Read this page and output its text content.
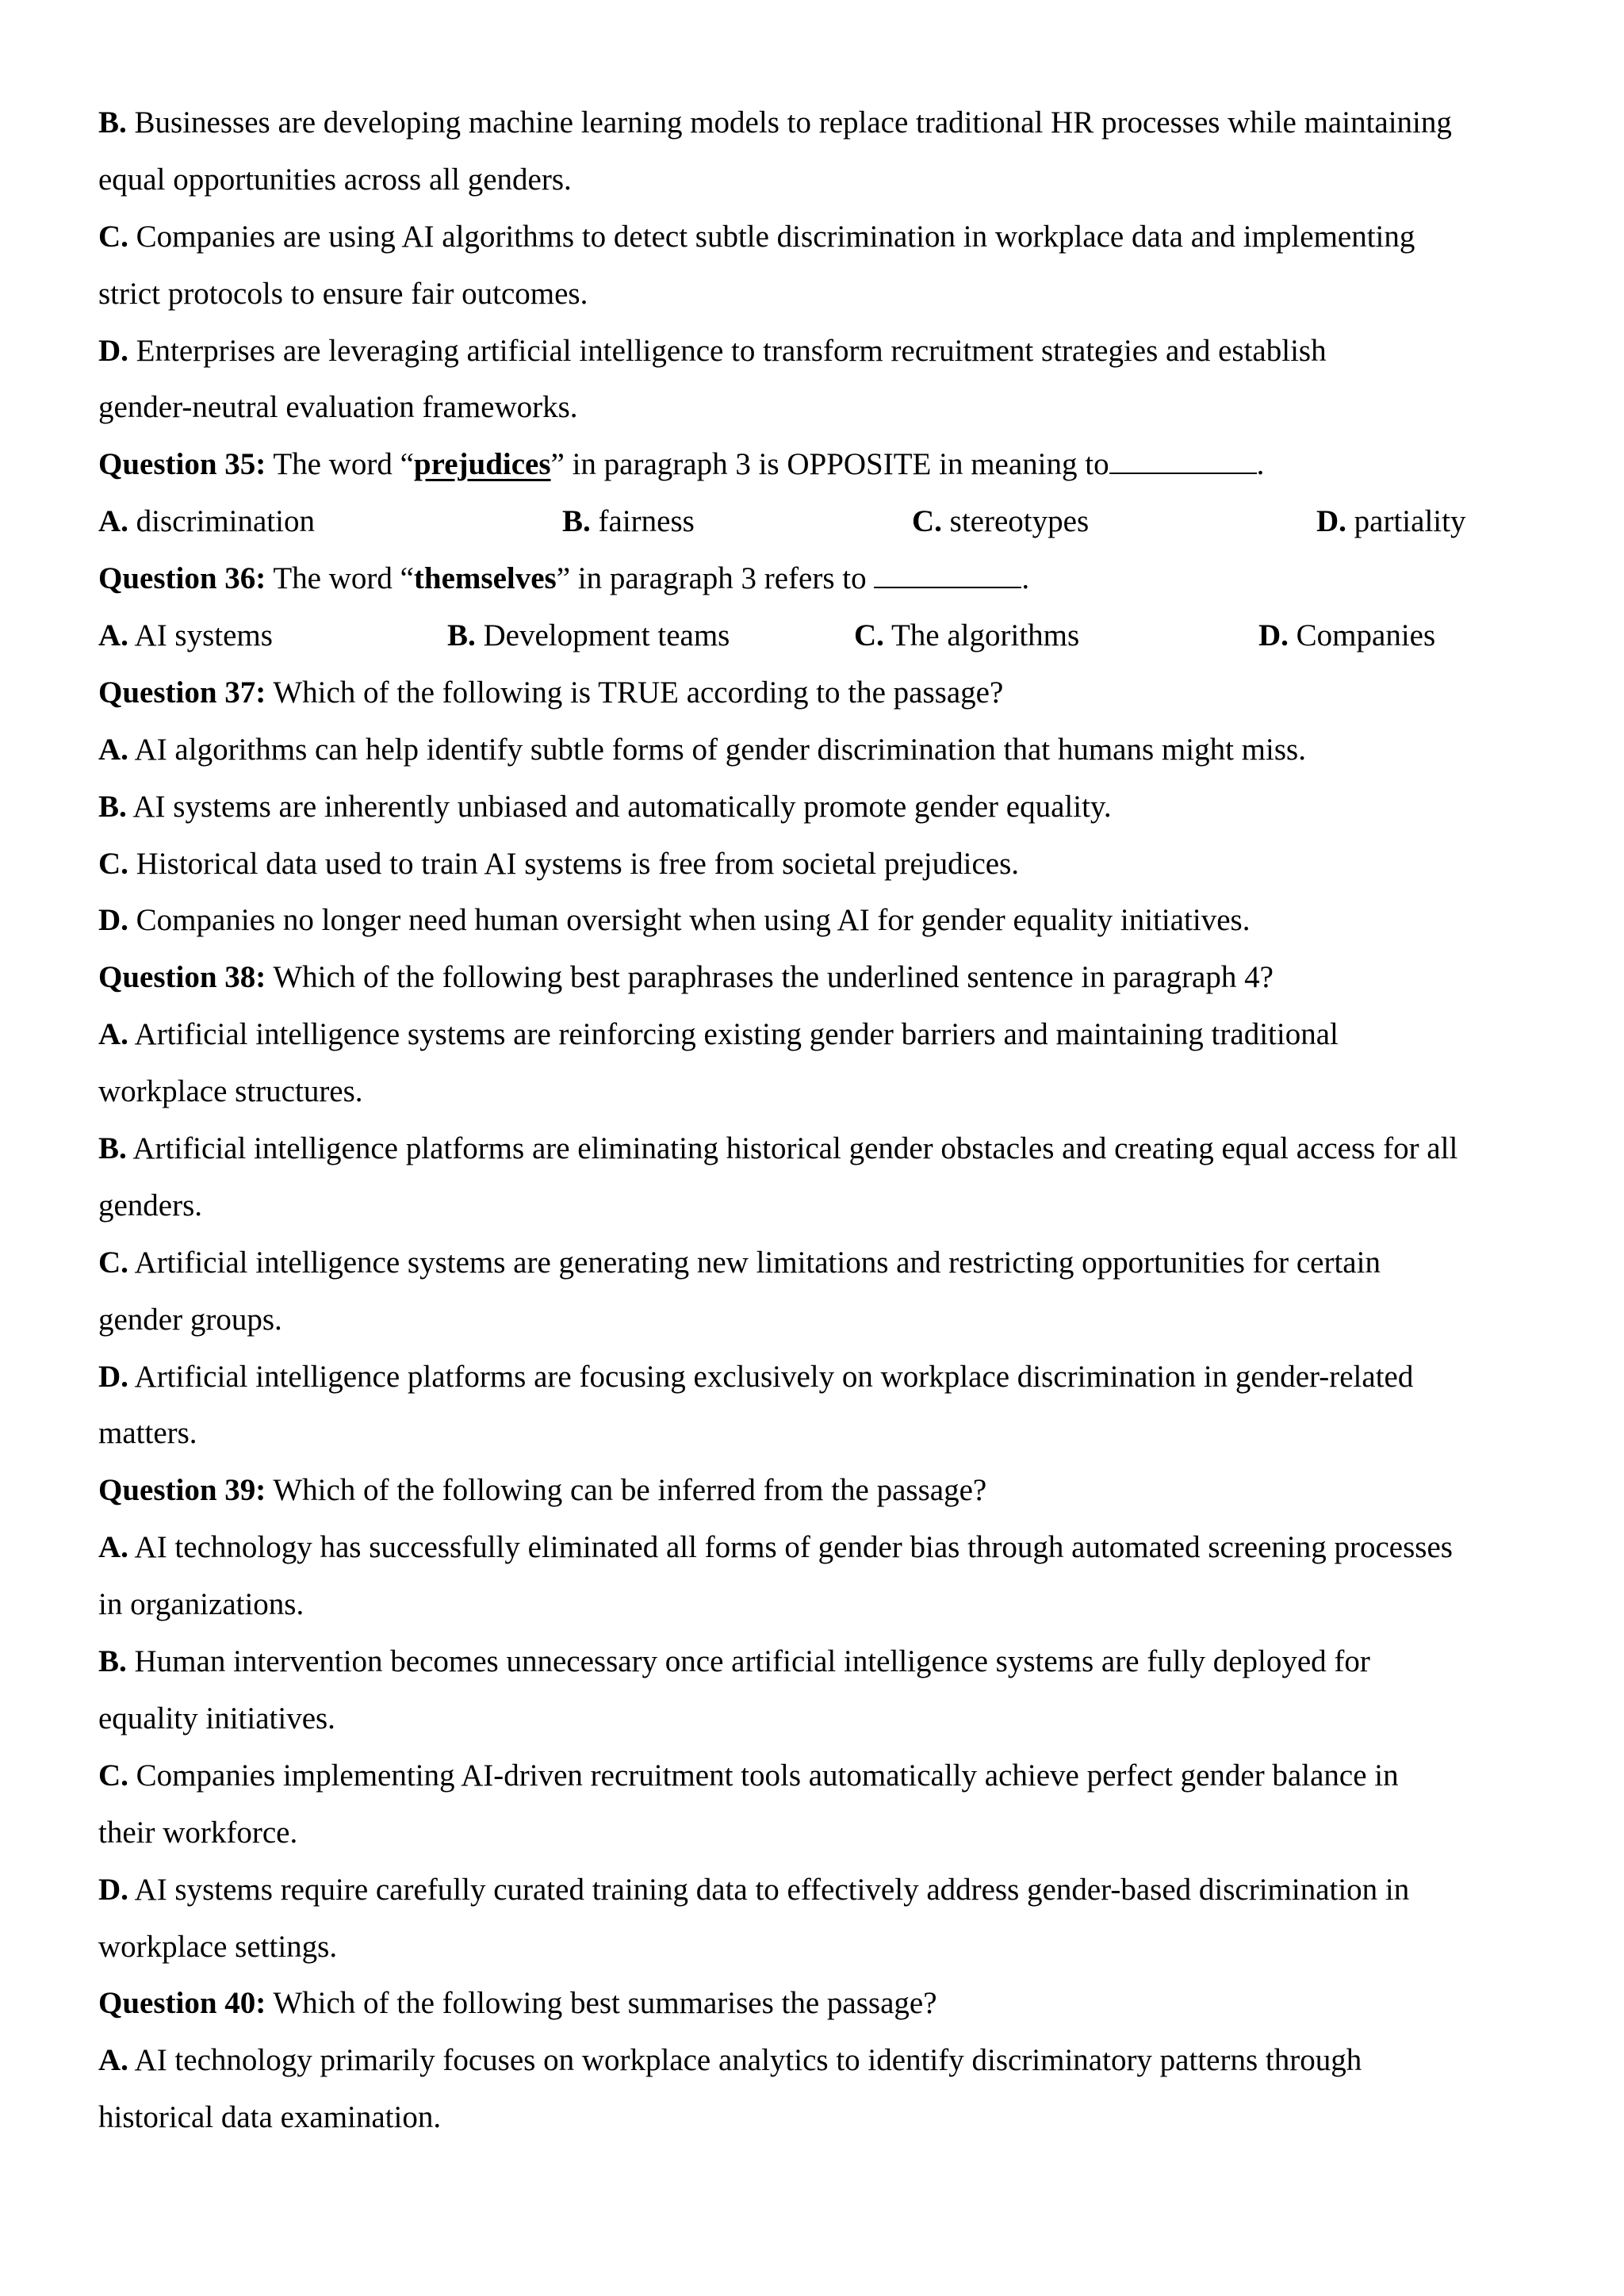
B. Businesses are developing machine learning models to replace traditional HR processes while maintaining
equal opportunities across all genders.
C. Companies are using AI algorithms to detect subtle discrimination in workplace data and implementing
strict protocols to ensure fair outcomes.
D. Enterprises are leveraging artificial intelligence to transform recruitment strategies and establish
gender-neutral evaluation frameworks.
Question 35: The word “prejudices” in paragraph 3 is OPPOSITE in meaning to	.
A. discrimination	B. fairness	C. stereotypes	D. partiality
Question 36: The word “themselves” in paragraph 3 refers to	.
A. AI systems	B. Development teams	C. The algorithms	D. Companies
Question 37: Which of the following is TRUE according to the passage?
A. AI algorithms can help identify subtle forms of gender discrimination that humans might miss.
B. AI systems are inherently unbiased and automatically promote gender equality.
C. Historical data used to train AI systems is free from societal prejudices.
D. Companies no longer need human oversight when using AI for gender equality initiatives.
Question 38: Which of the following best paraphrases the underlined sentence in paragraph 4?
A. Artificial intelligence systems are reinforcing existing gender barriers and maintaining traditional
workplace structures.
B. Artificial intelligence platforms are eliminating historical gender obstacles and creating equal access for all
genders.
C. Artificial intelligence systems are generating new limitations and restricting opportunities for certain
gender groups.
D. Artificial intelligence platforms are focusing exclusively on workplace discrimination in gender-related
matters.
Question 39: Which of the following can be inferred from the passage?
A. AI technology has successfully eliminated all forms of gender bias through automated screening processes
in organizations.
B. Human intervention becomes unnecessary once artificial intelligence systems are fully deployed for
equality initiatives.
C. Companies implementing AI-driven recruitment tools automatically achieve perfect gender balance in
their workforce.
D. AI systems require carefully curated training data to effectively address gender-based discrimination in
workplace settings.
Question 40: Which of the following best summarises the passage?
A. AI technology primarily focuses on workplace analytics to identify discriminatory patterns through
historical data examination.
